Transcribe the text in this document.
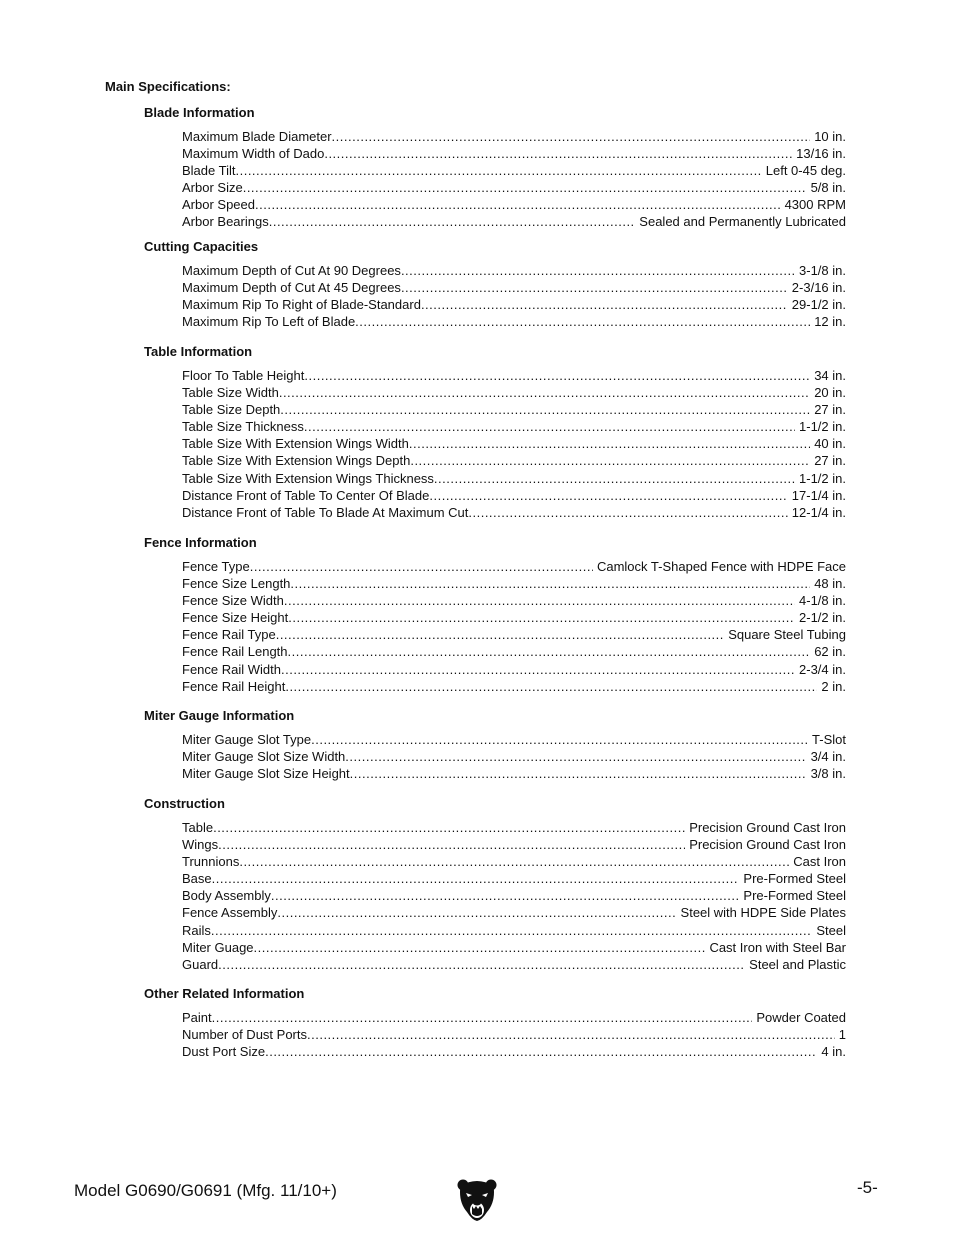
Main Specifications:
Blade Information
Maximum Blade Diameter .....	10 in.
Maximum Width of Dado .....	13/16 in.
Blade Tilt .....	Left 0-45 deg.
Arbor Size .....	5/8 in.
Arbor Speed .....	4300 RPM
Arbor Bearings .....	Sealed and Permanently Lubricated
Cutting Capacities
Maximum Depth of Cut At 90 Degrees .....	3-1/8 in.
Maximum Depth of Cut At 45 Degrees .....	2-3/16 in.
Maximum Rip To Right of Blade-Standard .....	29-1/2 in.
Maximum Rip To Left of Blade .....	12 in.
Table Information
Floor To Table Height .....	34 in.
Table Size Width .....	20 in.
Table Size Depth .....	27 in.
Table Size Thickness .....	1-1/2 in.
Table Size With Extension Wings Width .....	40 in.
Table Size With Extension Wings Depth .....	27 in.
Table Size With Extension Wings Thickness .....	1-1/2 in.
Distance Front of Table To Center Of Blade .....	17-1/4 in.
Distance Front of Table To Blade At Maximum Cut .....	12-1/4 in.
Fence Information
Fence Type .....	Camlock T-Shaped Fence with HDPE Face
Fence Size Length .....	48 in.
Fence Size Width .....	4-1/8 in.
Fence Size Height .....	2-1/2 in.
Fence Rail Type .....	Square Steel Tubing
Fence Rail Length .....	62 in.
Fence Rail Width .....	2-3/4 in.
Fence Rail Height .....	2 in.
Miter Gauge Information
Miter Gauge Slot Type .....	T-Slot
Miter Gauge Slot Size Width .....	3/4 in.
Miter Gauge Slot Size Height .....	3/8 in.
Construction
Table .....	Precision Ground Cast Iron
Wings .....	Precision Ground Cast Iron
Trunnions .....	Cast Iron
Base .....	Pre-Formed Steel
Body Assembly .....	Pre-Formed Steel
Fence Assembly .....	Steel with HDPE Side Plates
Rails .....	Steel
Miter Guage .....	Cast Iron with Steel Bar
Guard .....	Steel and Plastic
Other Related Information
Paint .....	Powder Coated
Number of Dust Ports .....	1
Dust Port Size .....	4 in.
Model G0690/G0691 (Mfg. 11/10+)	-5-
